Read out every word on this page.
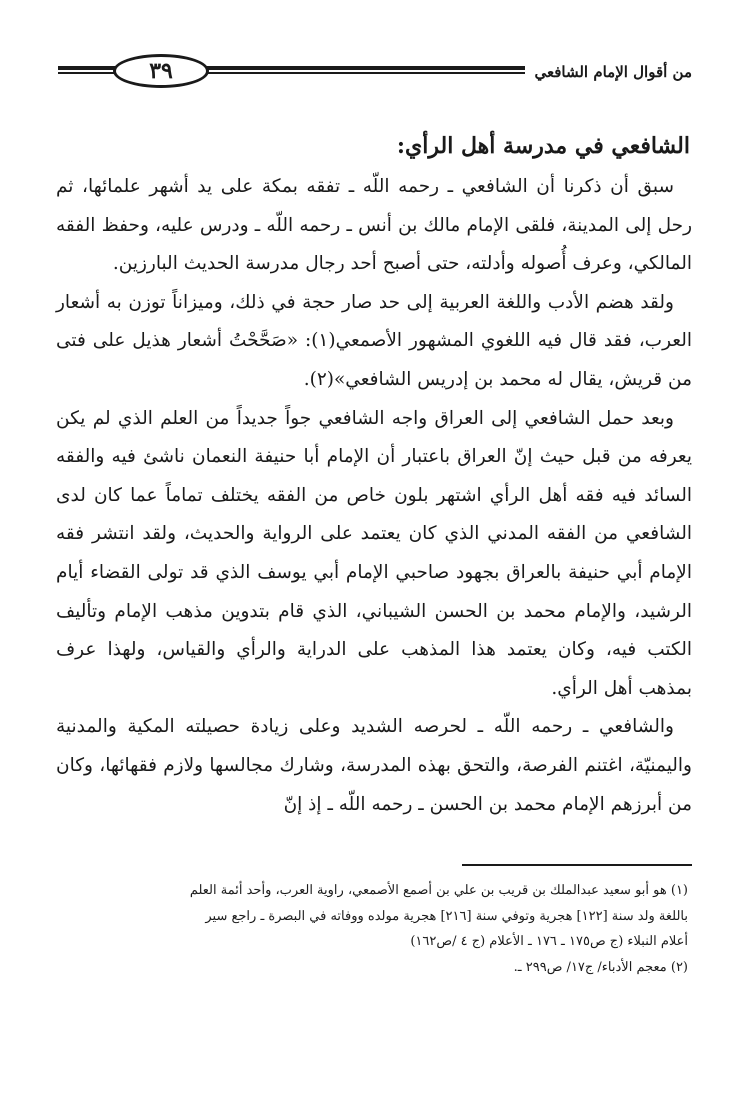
من أقوال الإمام الشافعي
٣٩
الشافعي في مدرسة أهل الرأي:

سبق أن ذكرنا أن الشافعي ـ رحمه اللّه ـ تفقه بمكة على يد أشهر علمائها، ثم رحل إلى المدينة، فلقى الإمام مالك بن أنس ـ رحمه اللّه ـ ودرس عليه، وحفظ الفقه المالكي، وعرف أُصوله وأدلته، حتى أصبح أحد رجال مدرسة الحديث البارزين.

ولقد هضم الأدب واللغة العربية إلى حد صار حجة في ذلك، وميزاناً توزن به أشعار العرب، فقد قال فيه اللغوي المشهور الأصمعي(١): «صَحَّحْتُ أشعار هذيل على فتى من قريش، يقال له محمد بن إدريس الشافعي»(٢).

وبعد حمل الشافعي إلى العراق واجه الشافعي جواً جديداً من العلم الذي لم يكن يعرفه من قبل حيث إنّ العراق باعتبار أن الإمام أبا حنيفة النعمان ناشئ فيه والفقه السائد فيه فقه أهل الرأي اشتهر بلون خاص من الفقه يختلف تماماً عما كان لدى الشافعي من الفقه المدني الذي كان يعتمد على الرواية والحديث، ولقد انتشر فقه الإمام أبي حنيفة بالعراق بجهود صاحبي الإمام أبي يوسف الذي قد تولى القضاء أيام الرشيد، والإمام محمد بن الحسن الشيباني، الذي قام بتدوين مذهب الإمام وتأليف الكتب فيه، وكان يعتمد هذا المذهب على الدراية والرأي والقياس، ولهذا عرف بمذهب أهل الرأي.

والشافعي ـ رحمه اللّه ـ لحرصه الشديد وعلى زيادة حصيلته المكية والمدنية واليمنيّة، اغتنم الفرصة، والتحق بهذه المدرسة، وشارك مجالسها ولازم فقهائها، وكان من أبرزهم الإمام محمد بن الحسن ـ رحمه اللّه ـ إذ إنّ

(١) هو أبو سعيد عبدالملك بن قريب بن علي بن أصمع الأصمعي، راوية العرب، وأحد أئمة العلم

باللغة ولد سنة [١٢٢] هجرية وتوفي سنة [٢١٦] هجرية مولده ووفاته في البصرة ـ راجع سير

أعلام النبلاء (ج ص١٧٥ ـ ١٧٦ ـ الأعلام (ج ٤ /ص١٦٢)

(٢) معجم الأدباء/ ج١٧/ ص٢٩٩ ـ.
